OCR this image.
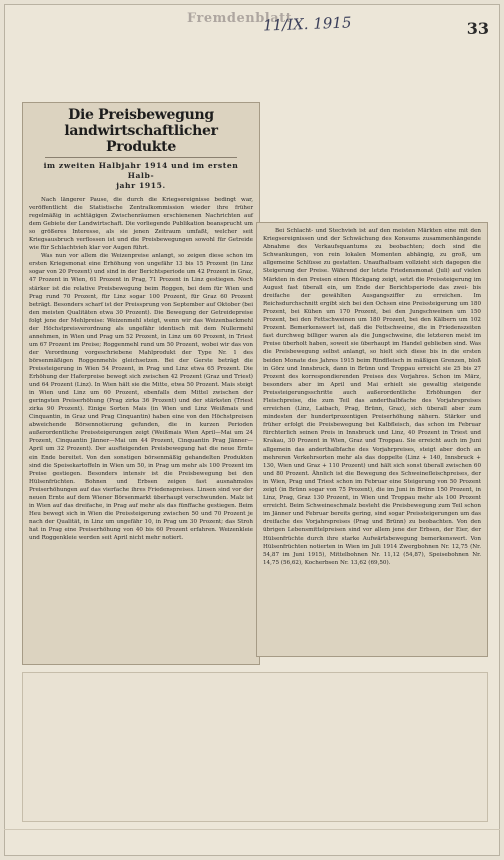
Fremdenblatt
11/IX. 1915	33
Die Preisbewegung landwirtschaftlicher
Produkte
im zweiten Halbjahr 1914 und im ersten Halb-
jahr 1915.

Nach längerer Pause, die durch die Kriegsereignisse bedingt war, veröffentlicht die Statistische Zentralkommission wieder ihre früher regelmäßig in achttägigen Zwischenräumen erschienenen Nachrichten auf dem Gebiete der Landwirtschaft. Die vorliegende Publikation beansprucht um so größeres Interesse, als sie jenen Zeitraum umfaßt, welcher seit Kriegsausbruch verflossen ist und die Preisbewegungen sowohl für Getreide wie für Schlachtvieh klar vor Augen führt.

Was nun vor allem die Weizenpreise anlangt, so zeigen diese schon im ersten Kriegsmonat eine Erhöhung von ungefähr 13 bis 15 Prozent (in Linz sogar von 20 Prozent) und sind in der Berichtsperiode um 42 Prozent in Graz, 47 Prozent in Wien, 61 Prozent in Prag, 71 Prozent in Linz gestiegen. Noch stärker ist die relative Preisbewegung beim Roggen, bei dem für Wien und Prag rund 70 Prozent, für Linz sogar 100 Prozent, für Graz 60 Prozent beträgt. Besonders scharf ist der Preissprung von September auf Oktober (bei den meisten Qualitäten etwa 30 Prozent). Die Bewegung der Getreidepreise folgt jene der Mehlpreise: Weizenmehl steigt, wenn wir das Weizenbackmehl der Höchstpreisverordnung als ungefähr identisch mit dem Nullermehl annehmen, in Wien und Prag um 52 Prozent, in Linz um 60 Prozent, in Triest um 67 Prozent im Preise; Roggenmehl rund um 50 Prozent, wobei wir das von der Verordnung vorgeschriebene Mahlprodukt der Type Nr. 1 des börsenmäßigen Roggenmehls gleichsetzen. Bei der Gerste beträgt die Preissteigerung in Wien 54 Prozent, in Prag und Linz etwa 65 Prozent. Die Erhöhung der Haferpreise bewegt sich zwischen 42 Prozent (Graz und Triest) und 64 Prozent (Linz). In Wien hält sie die Mitte, etwa 50 Prozent. Mais steigt in Wien und Linz um 60 Prozent, ebenfalls dem Mittel zwischen der geringsten Preiserhöhung (Prag zirka 36 Prozent) und der stärksten (Triest zirka 90 Prozent). Einige Sorten Mais (in Wien und Linz Weißmais und Cinquantin, in Graz und Prag Cinquantin) haben eine von den Höchstpreisen abweichende Börsennotierung gefunden, die in kurzen Perioden außerordentliche Preissteigerungen zeigt (Weißmais Wien April—Mai um 24 Prozent, Cinquantin Jänner—Mai um 44 Prozent, Cinquantin Prag Jänner—April um 32 Prozent). Der ausfteigenden Preisbewegung hat die neue Ernte ein Ende bereitet. Von den sonstigen börsenmäßig gehandelten Produkten sind die Speisekartoffeln in Wien um 50, in Prag um mehr als 100 Prozent im Preise gestiegen. Besonders intensiv ist die Preisbewegung bei den Hülsenfrüchten. Bohnen und Erbsen zeigen fast ausnahmslos Preiserhöhungen auf das vierfache ihres Friedenspreises. Linsen sind vor der neuen Ernte auf dem Wiener Börsenmarkt überhaupt verschwunden. Malz ist in Wien auf das dreifache, in Prag auf mehr als das fünffache gestiegen. Beim Heu bewegt sich in Wien die Preissteigerung zwischen 50 und 70 Prozent je nach der Qualität, in Linz um ungefähr 10, in Prag um 30 Prozent; das Stroh hat in Prag eine Preiserhöhung von 40 bis 60 Prozent erfahren. Weizenkleie und Roggenkleie werden seit April nicht mehr notiert.

Bei Schlacht- und Stechvieh ist auf den meisten Märkten eine mit den Kriegsereignissen und der Schwächung des Konsums zusammenhängende Abnahme des Verkaufsquantums zu beobachten; doch sind die Schwankungen, von rein lokalen Momenten abhängig, zu groß, um allgemeine Schlüsse zu gestatten. Unaufhaltsam vollzieht sich dagegen die Steigerung der Preise. Während der letzte Friedensmonat (Juli) auf vielen Märkten in den Preisen einen Rückgang zeigt, setzt die Preissteigerung im August fast überall ein, um Ende der Berichtsperiode das zwei- bis dreifache der gewählten Ausgangsziffer zu erreichen. Im Reichsdurchschnitt ergibt sich bei den Ochsen eine Preissteigerung um 180 Prozent, bei Kühen um 170 Prozent, bei den Jungschweinen um 150 Prozent, bei den Fettschweinen um 180 Prozent, bei den Kälbern um 102 Prozent. Bemerkenswert ist, daß die Fettschweine, die in Friedenszeiten fast durchweg billiger waren als die Jungschweine, die letzteren meist im Preise überholt haben, soweit sie überhaupt im Handel geblieben sind. Was die Preisbewegung selbst anlangt, so hielt sich diese bis in die ersten beiden Monate des Jahres 1915 beim Rindfleisch in mäßigen Grenzen, bloß in Görz und Innsbruck, dann in Brünn und Troppau erreicht sie 25 bis 27 Prozent des korrespondierenden Preises des Vorjahres. Schon im März, besonders aber im April und Mai erhielt sie gewaltig steigende Preissteigerungsschritte auch außerordentliche Erhöhungen der Fleischpreise, die zum Teil das anderthalbfache des Vorjahrspreises erreichen (Linz, Laibach, Prag, Brünn, Graz), sich überall aber zum mindesten der hundertprozentigen Preiserhöhung nähern. Stärker und früher erfolgt die Preisbewegung bei Kalbfleisch, das schon im Februar fürchterlich seinen Preis in Innsbruck und Linz, 40 Prozent in Triest und Krakau, 30 Prozent in Wien, Graz und Troppau. Sie erreicht auch im Juni allgemein das anderthalbfache des Vorjahrpreises, steigt aber doch an mehreren Verkehrsorten mehr als das doppelte (Linz + 140, Innsbruck + 130, Wien und Graz + 110 Prozent) und hält sich sonst überall zwischen 60 und 80 Prozent. Ähnlich ist die Bewegung des Schweinefleischpreises, der in Wien, Prag und Triest schon im Februar eine Steigerung von 50 Prozent zeigt (in Brünn sogar von 75 Prozent), die im Juni in Brünn 150 Prozent, in Linz, Prag, Graz 130 Prozent, in Wien und Troppau mehr als 100 Prozent erreicht. Beim Schweineschmalz besteht die Preisbewegung zum Teil schon im Jänner und Februar bereits gering, sind sogar Preissteigerungen um das dreifache des Vorjahrspreises (Prag und Brünn) zu beobachten. Von den übrigen Lebensmittelpreisen sind vor allem jene der Erbsen, der Eier, der Hülsenfrüchte durch ihre starke Aufwärtsbewegung bemerkenswert. Von Hülsenfrüchten notierten in Wien im Juli 1914 Zwergbohnen Nr. 12,75 (Nr. 54,87 im Juni 1915), Mittelbohnen Nr. 11,12 (54,87), Speisebohnen Nr. 14,75 (56,62), Kocherbsen Nr. 13,62 (69,50).
